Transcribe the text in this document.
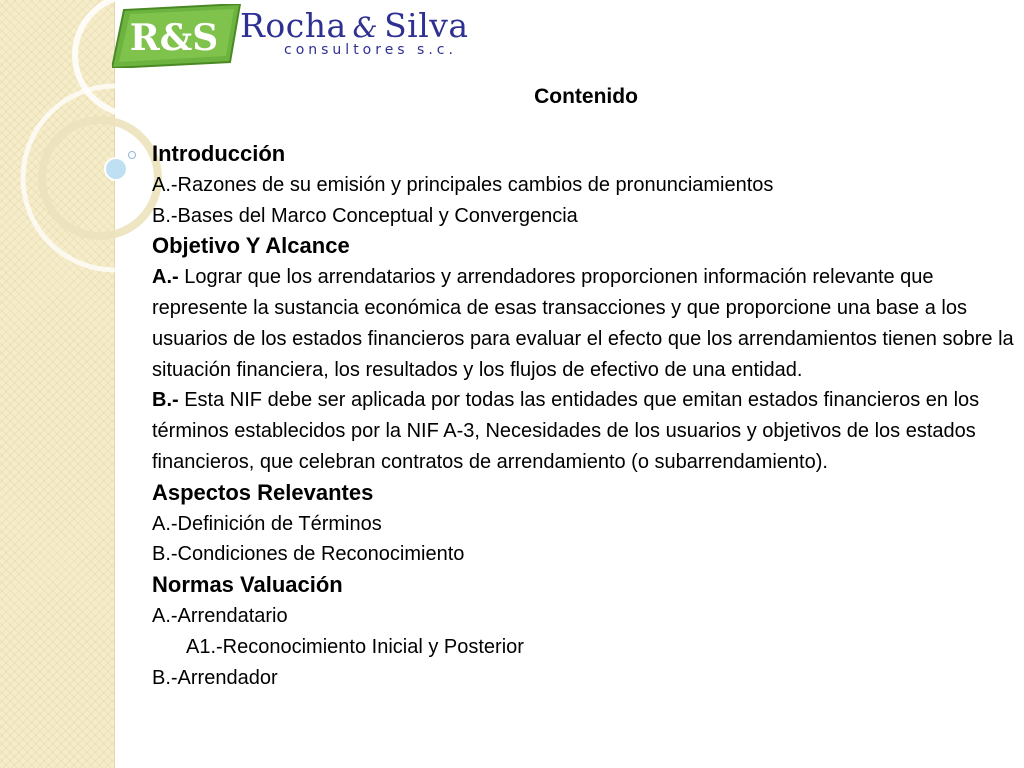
R&S Rocha & Silva
consultores s.c.
Contenido
Introducción
A.-Razones de su emisión y principales cambios de pronunciamientos
B.-Bases del Marco Conceptual y Convergencia
Objetivo Y Alcance
A.- Lograr que los arrendatarios y arrendadores proporcionen información relevante que represente la sustancia económica de esas transacciones y que proporcione una base a los usuarios de los estados financieros para evaluar el efecto que los arrendamientos tienen sobre la situación financiera, los resultados y los flujos de efectivo de una entidad.
B.- Esta NIF debe ser aplicada por todas las entidades que emitan estados financieros en los términos establecidos por la NIF A-3, Necesidades de los usuarios y objetivos de los estados financieros, que celebran contratos de arrendamiento (o subarrendamiento).
Aspectos Relevantes
A.-Definición de Términos
B.-Condiciones de Reconocimiento
Normas Valuación
A.-Arrendatario
A1.-Reconocimiento Inicial y Posterior
B.-Arrendador
